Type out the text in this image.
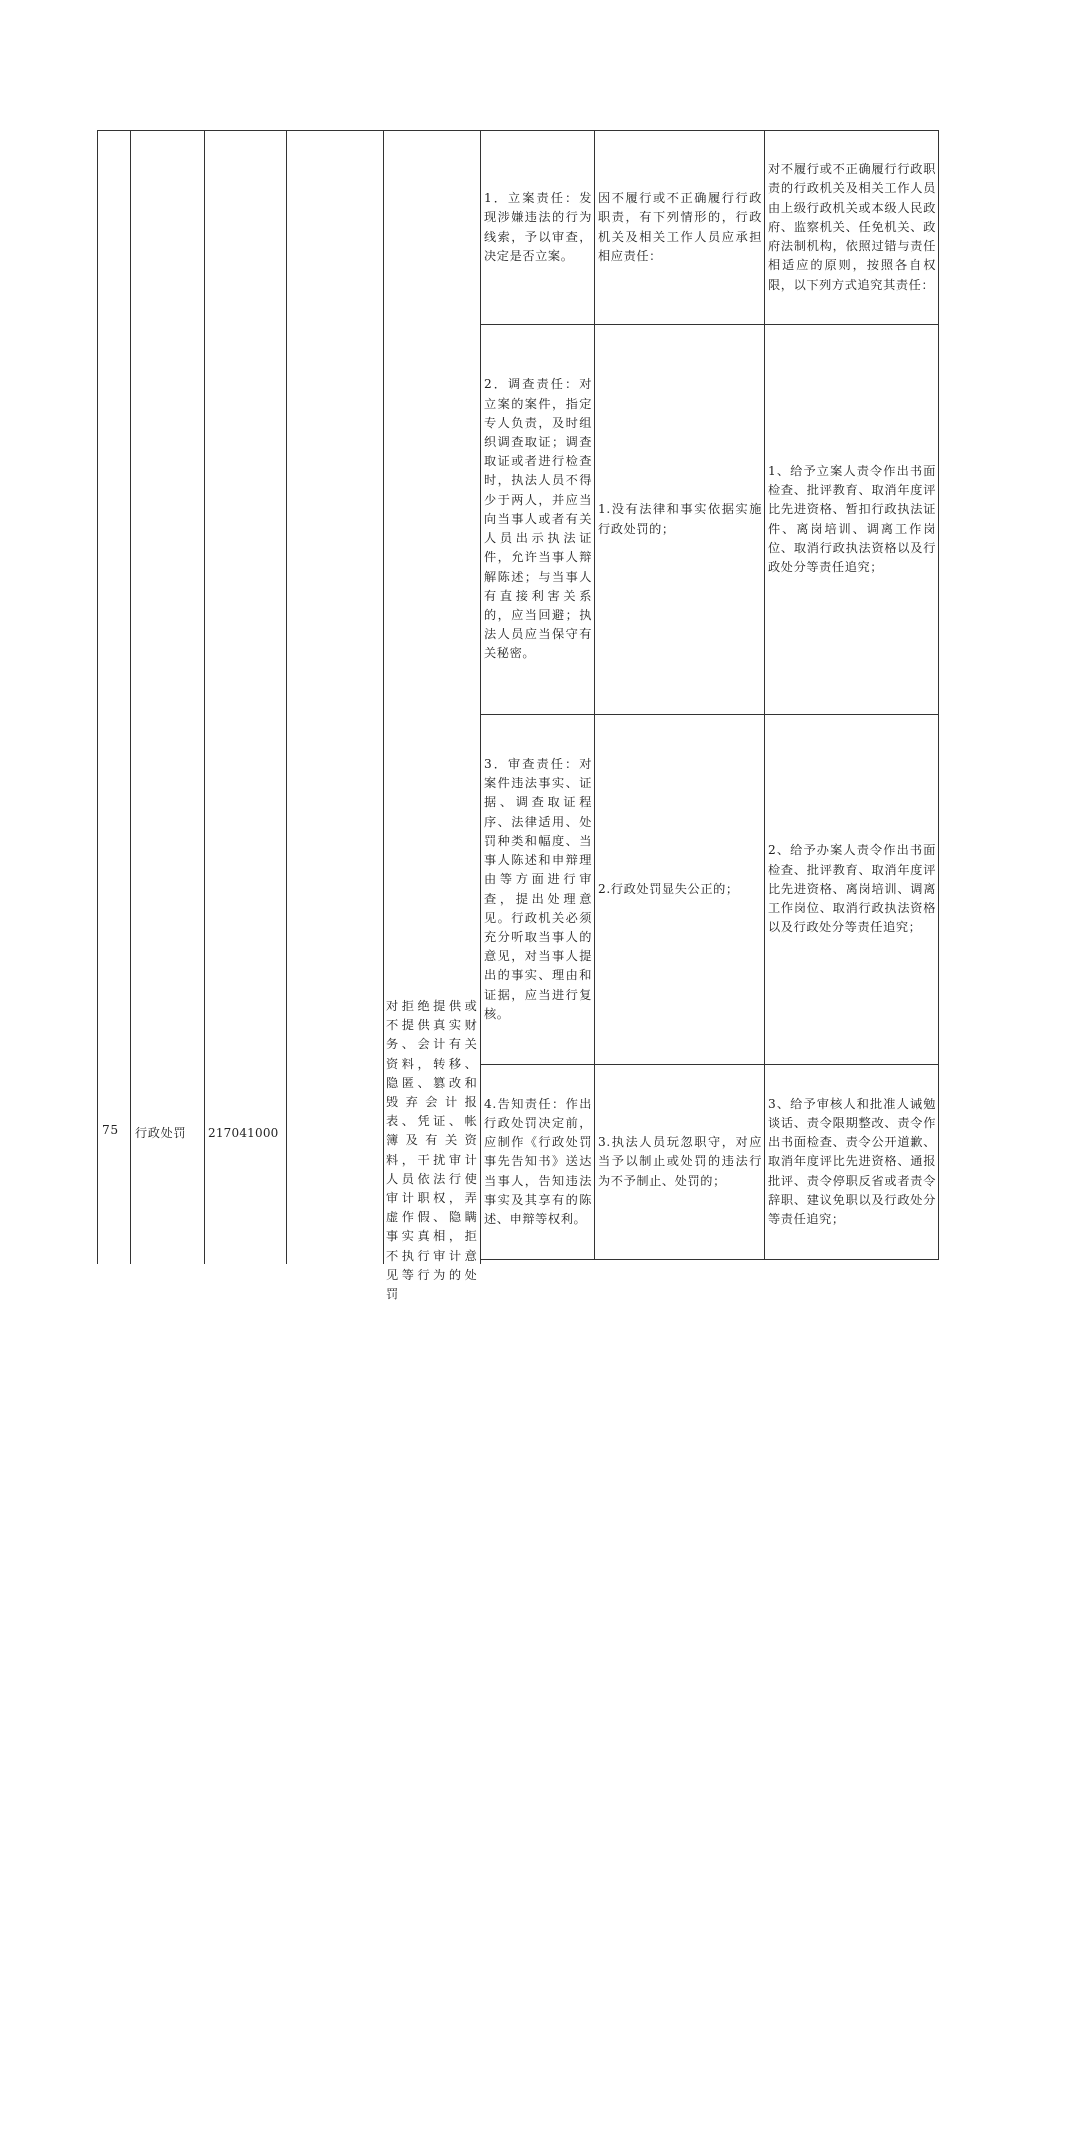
75	行政处罚	217041000
对拒绝提供或不提供真实财务、会计有关资料，转移、隐匿、篡改和毁弃会计报表、凭证、帐簿及有关资料，干扰审计人员依法行使审计职权，弄虚作假、隐瞒事实真相，拒不执行审计意见等行为的处罚
1．立案责任：发现涉嫌违法的行为线索，予以审查，决定是否立案。
因不履行或不正确履行行政职责，有下列情形的，行政机关及相关工作人员应承担相应责任：
对不履行或不正确履行行政职责的行政机关及相关工作人员由上级行政机关或本级人民政府、监察机关、任免机关、政府法制机构，依照过错与责任相适应的原则，按照各自权限，以下列方式追究其责任：
2．调查责任：对立案的案件，指定专人负责，及时组织调查取证；调查取证或者进行检查时，执法人员不得少于两人，并应当向当事人或者有关人员出示执法证件，允许当事人辩解陈述；与当事人有直接利害关系的，应当回避；执法人员应当保守有关秘密。
1.没有法律和事实依据实施行政处罚的；
1、给予立案人责令作出书面检查、批评教育、取消年度评比先进资格、暂扣行政执法证件、离岗培训、调离工作岗位、取消行政执法资格以及行政处分等责任追究；
3．审查责任：对案件违法事实、证据、调查取证程序、法律适用、处罚种类和幅度、当事人陈述和申辩理由等方面进行审查，提出处理意见。行政机关必须充分听取当事人的意见，对当事人提出的事实、理由和证据，应当进行复核。
2.行政处罚显失公正的；
2、给予办案人责令作出书面检查、批评教育、取消年度评比先进资格、离岗培训、调离工作岗位、取消行政执法资格以及行政处分等责任追究；
4.告知责任：作出行政处罚决定前，应制作《行政处罚事先告知书》送达当事人，告知违法事实及其享有的陈述、申辩等权利。
3.执法人员玩忽职守，对应当予以制止或处罚的违法行为不予制止、处罚的；
3、给予审核人和批准人诫勉谈话、责令限期整改、责令作出书面检查、责令公开道歉、取消年度评比先进资格、通报批评、责令停职反省或者责令辞职、建议免职以及行政处分等责任追究；
